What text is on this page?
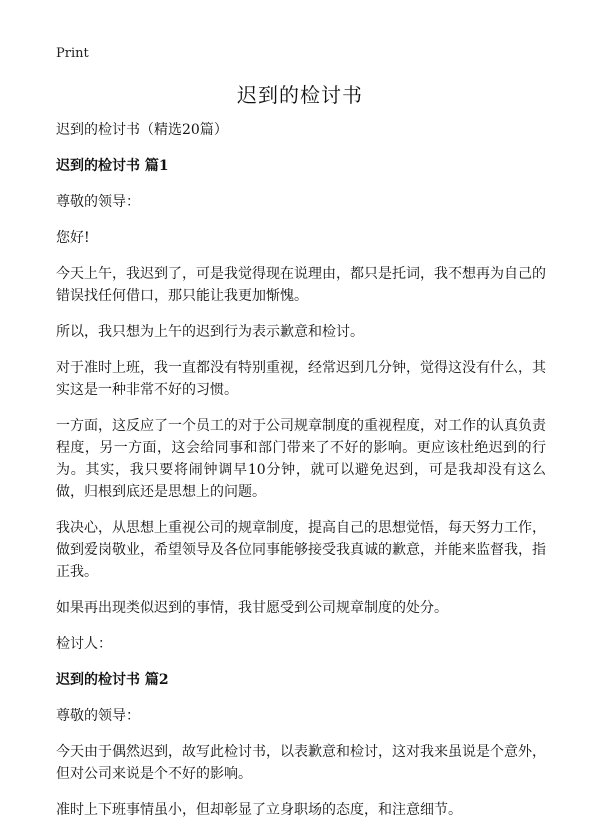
Print
迟到的检讨书

迟到的检讨书（精选20篇）

迟到的检讨书 篇1

尊敬的领导：

您好!

今天上午，我迟到了，可是我觉得现在说理由，都只是托词，我不想再为自己的错误找任何借口，那只能让我更加惭愧。

所以，我只想为上午的迟到行为表示歉意和检讨。

对于准时上班，我一直都没有特别重视，经常迟到几分钟，觉得这没有什么，其实这是一种非常不好的习惯。

一方面，这反应了一个员工的对于公司规章制度的重视程度，对工作的认真负责程度，另一方面，这会给同事和部门带来了不好的影响。更应该杜绝迟到的行为。其实，我只要将闹钟调早10分钟，就可以避免迟到，可是我却没有这么做，归根到底还是思想上的问题。

我决心，从思想上重视公司的规章制度，提高自己的思想觉悟，每天努力工作，做到爱岗敬业，希望领导及各位同事能够接受我真诚的歉意，并能来监督我，指正我。

如果再出现类似迟到的事情，我甘愿受到公司规章制度的处分。

检讨人：

迟到的检讨书 篇2

尊敬的领导：

今天由于偶然迟到，故写此检讨书，以表歉意和检讨，这对我来虽说是个意外，但对公司来说是个不好的影响。

准时上下班事情虽小，但却彰显了立身职场的态度，和注意细节。
